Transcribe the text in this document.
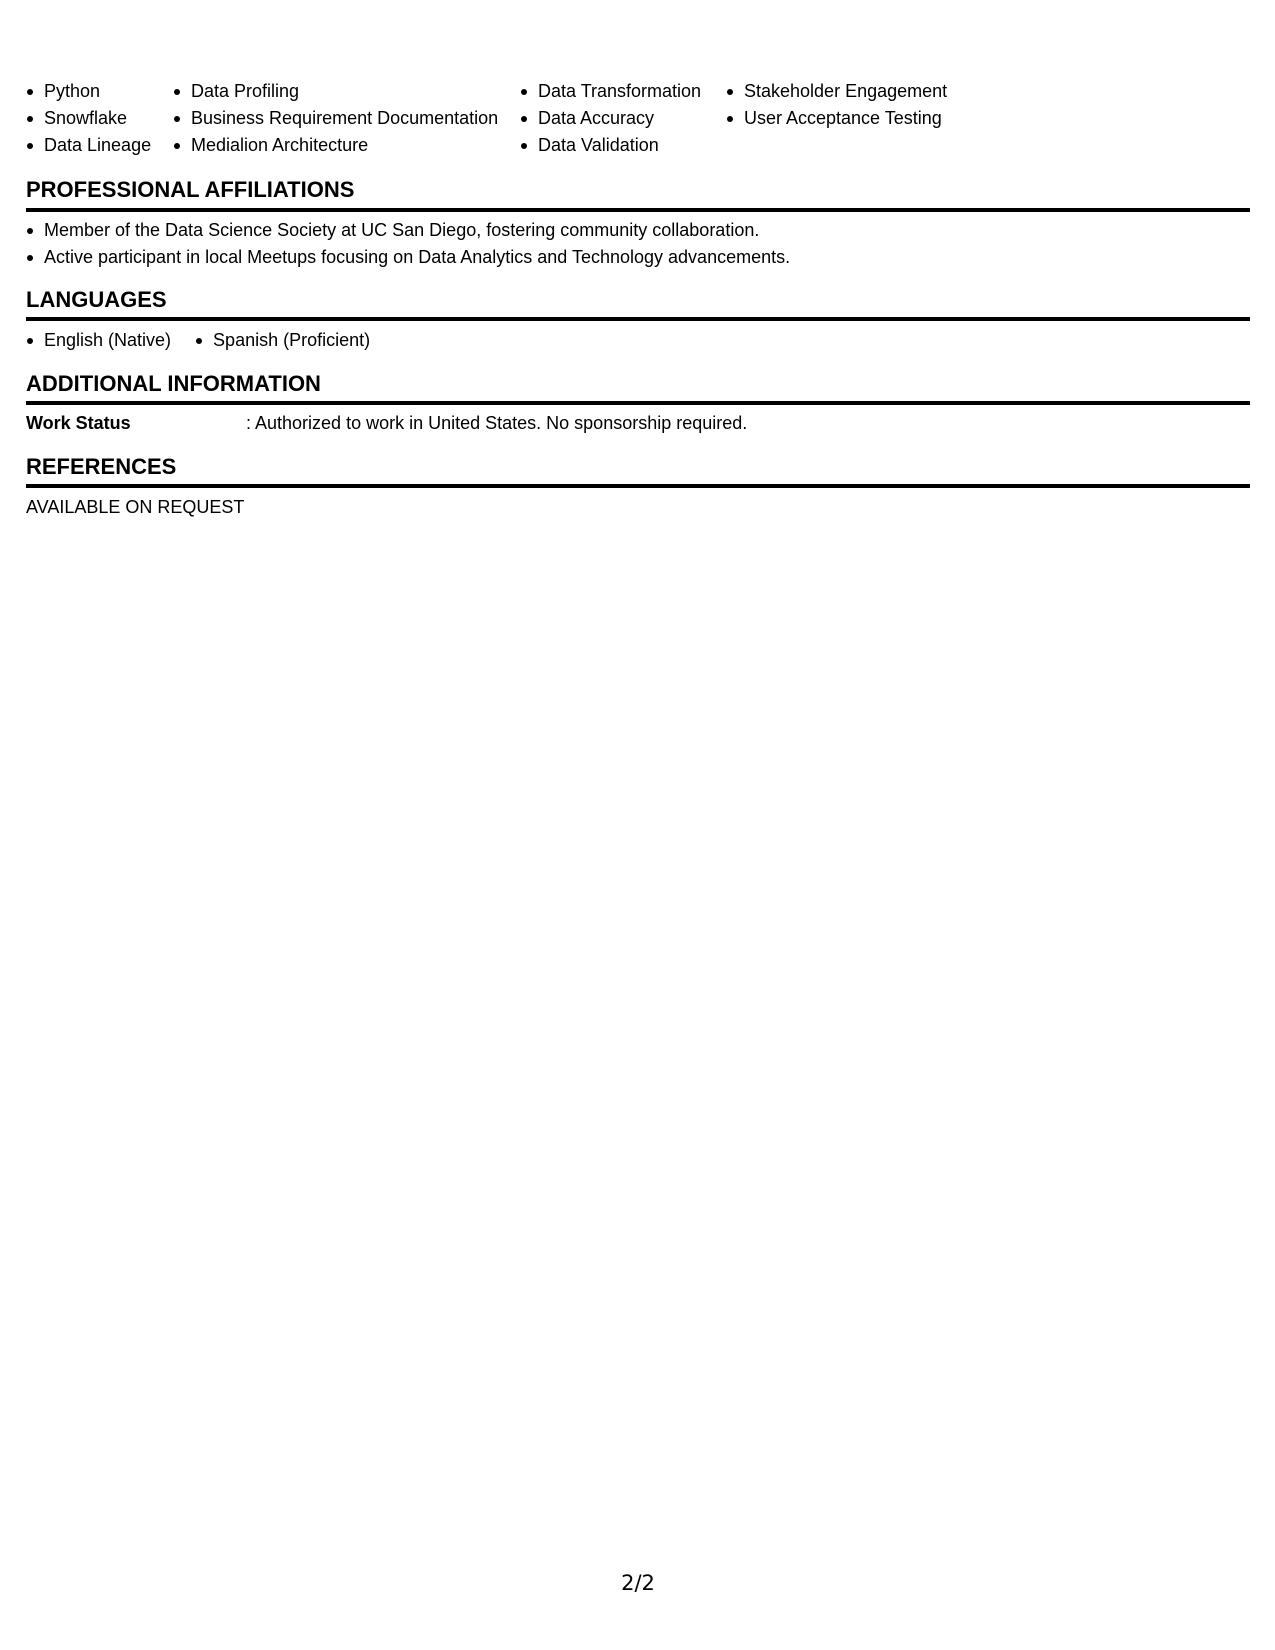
Python
Snowflake
Data Lineage
Data Profiling
Business Requirement Documentation
Medialion Architecture
Data Transformation
Data Accuracy
Data Validation
Stakeholder Engagement
User Acceptance Testing
PROFESSIONAL AFFILIATIONS
Member of the Data Science Society at UC San Diego, fostering community collaboration.
Active participant in local Meetups focusing on Data Analytics and Technology advancements.
LANGUAGES
English (Native)	Spanish (Proficient)
ADDITIONAL INFORMATION
Work Status	: Authorized to work in United States. No sponsorship required.
REFERENCES
AVAILABLE ON REQUEST
2/2
